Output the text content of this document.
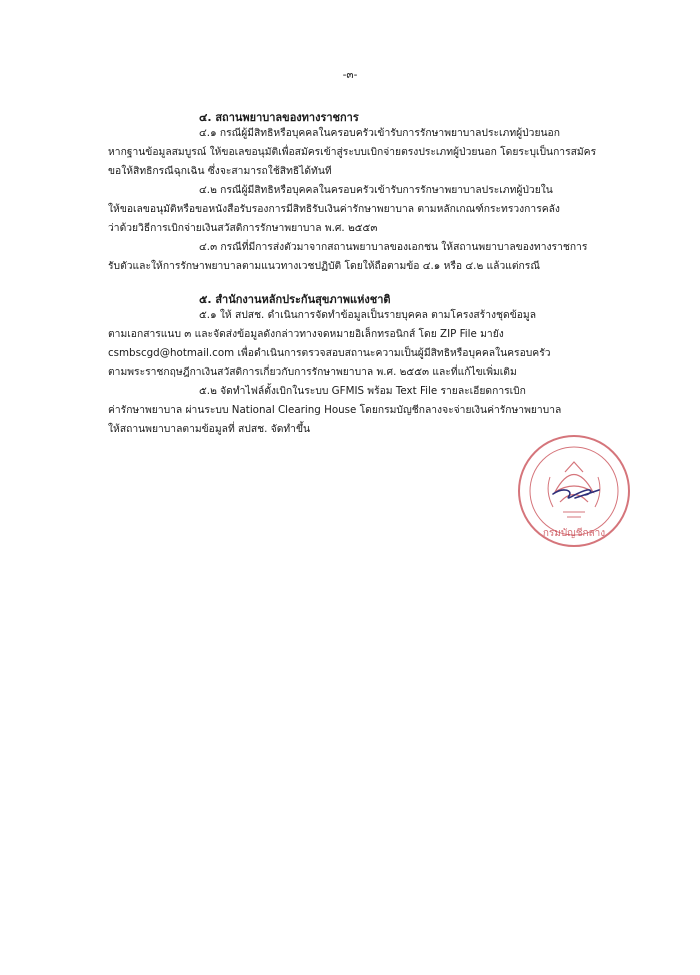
-๓-
๔. สถานพยาบาลของทางราชการ
๔.๑ กรณีผู้มีสิทธิหรือบุคคลในครอบครัวเข้ารับการรักษาพยาบาลประเภทผู้ป่วยนอก
หากฐานข้อมูลสมบูรณ์ ให้ขอเลขอนุมัติเพื่อสมัครเข้าสู่ระบบเบิกจ่ายตรงประเภทผู้ป่วยนอก โดยระบุเป็นการสมัคร
ขอให้สิทธิกรณีฉุกเฉิน ซึ่งจะสามารถใช้สิทธิได้ทันที
๔.๒ กรณีผู้มีสิทธิหรือบุคคลในครอบครัวเข้ารับการรักษาพยาบาลประเภทผู้ป่วยใน
ให้ขอเลขอนุมัติหรือขอหนังสือรับรองการมีสิทธิรับเงินค่ารักษาพยาบาล ตามหลักเกณฑ์กระทรวงการคลัง
ว่าด้วยวิธีการเบิกจ่ายเงินสวัสดิการรักษาพยาบาล พ.ศ. ๒๕๕๓
๔.๓ กรณีที่มีการส่งตัวมาจากสถานพยาบาลของเอกชน ให้สถานพยาบาลของทางราชการ
รับตัวและให้การรักษาพยาบาลตามแนวทางเวชปฏิบัติ โดยให้ถือตามข้อ ๔.๑ หรือ ๔.๒ แล้วแต่กรณี
๕. สำนักงานหลักประกันสุขภาพแห่งชาติ
๕.๑ ให้ สปสช. ดำเนินการจัดทำข้อมูลเป็นรายบุคคล ตามโครงสร้างชุดข้อมูล
ตามเอกสารแนบ ๓ และจัดส่งข้อมูลดังกล่าวทางจดหมายอิเล็กทรอนิกส์ โดย ZIP File มายัง
csmbscgd@hotmail.com เพื่อดำเนินการตรวจสอบสถานะความเป็นผู้มีสิทธิหรือบุคคลในครอบครัว
ตามพระราชกฤษฎีกาเงินสวัสดิการเกี่ยวกับการรักษาพยาบาล พ.ศ. ๒๕๕๓ และที่แก้ไขเพิ่มเติม
๕.๒ จัดทำไฟล์ตั้งเบิกในระบบ GFMIS พร้อม Text File รายละเอียดการเบิก
ค่ารักษาพยาบาล ผ่านระบบ National Clearing House โดยกรมบัญชีกลางจะจ่ายเงินค่ารักษาพยาบาล
ให้สถานพยาบาลตามข้อมูลที่ สปสช. จัดทำขึ้น
กรมบัญชีกลาง
